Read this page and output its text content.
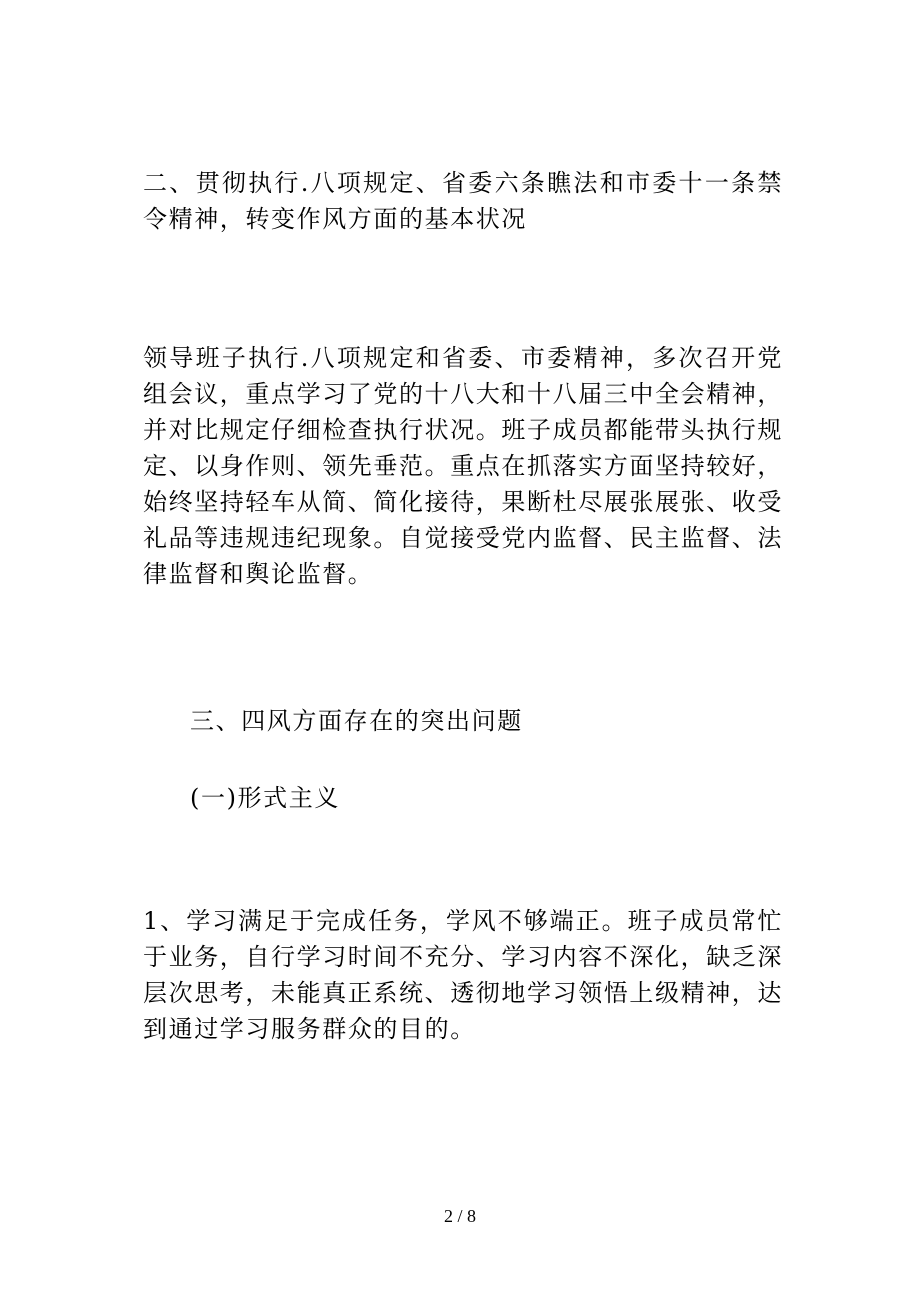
二、贯彻执行.八项规定、省委六条瞧法和市委十一条禁令精神，转变作风方面的基本状况

领导班子执行.八项规定和省委、市委精神，多次召开党组会议，重点学习了党的十八大和十八届三中全会精神，并对比规定仔细检查执行状况。班子成员都能带头执行规定、以身作则、领先垂范。重点在抓落实方面坚持较好，始终坚持轻车从简、简化接待，果断杜尽展张展张、收受礼品等违规违纪现象。自觉接受党内监督、民主监督、法律监督和舆论监督。

三、四风方面存在的突出问题

(一)形式主义

1、学习满足于完成任务，学风不够端正。班子成员常忙于业务，自行学习时间不充分、学习内容不深化，缺乏深层次思考，未能真正系统、透彻地学习领悟上级精神，达到通过学习服务群众的目的。

2 / 8
